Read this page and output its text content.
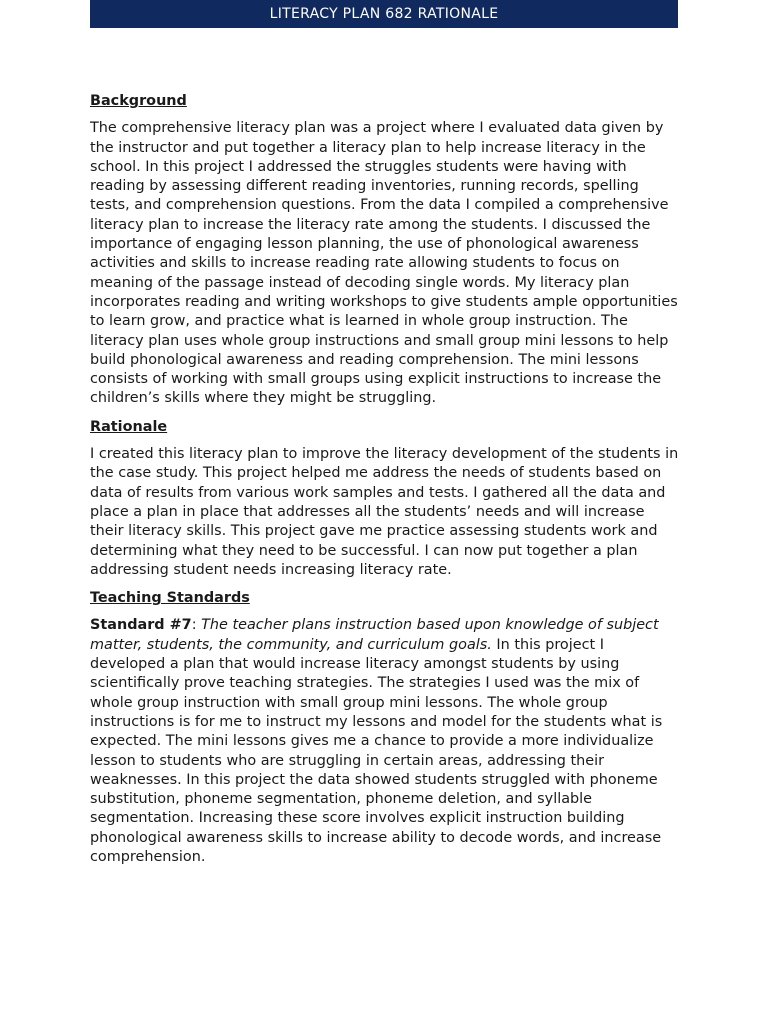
LITERACY PLAN 682 RATIONALE
Background

The comprehensive literacy plan was a project where I evaluated data given by the instructor and put together a literacy plan to help increase literacy in the school. In this project I addressed the struggles students were having with reading by assessing different reading inventories, running records, spelling tests, and comprehension questions. From the data I compiled a comprehensive literacy plan to increase the literacy rate among the students. I discussed the importance of engaging lesson planning, the use of phonological awareness activities and skills to increase reading rate allowing students to focus on meaning of the passage instead of decoding single words. My literacy plan incorporates reading and writing workshops to give students ample opportunities to learn grow, and practice what is learned in whole group instruction. The literacy plan uses whole group instructions and small group mini lessons to help build phonological awareness and reading comprehension. The mini lessons consists of working with small groups using explicit instructions to increase the children’s skills where they might be struggling.

Rationale

I created this literacy plan to improve the literacy development of the students in the case study. This project helped me address the needs of students based on data of results from various work samples and tests. I gathered all the data and place a plan in place that addresses all the students’ needs and will increase their literacy skills. This project gave me practice assessing students work and determining what they need to be successful. I can now put together a plan addressing student needs increasing literacy rate.

Teaching Standards

Standard #7: The teacher plans instruction based upon knowledge of subject matter, students, the community, and curriculum goals. In this project I developed a plan that would increase literacy amongst students by using scientifically prove teaching strategies. The strategies I used was the mix of whole group instruction with small group mini lessons. The whole group instructions is for me to instruct my lessons and model for the students what is expected. The mini lessons gives me a chance to provide a more individualize lesson to students who are struggling in certain areas, addressing their weaknesses. In this project the data showed students struggled with phoneme substitution, phoneme segmentation, phoneme deletion, and syllable segmentation. Increasing these score involves explicit instruction building phonological awareness skills to increase ability to decode words, and increase comprehension.
